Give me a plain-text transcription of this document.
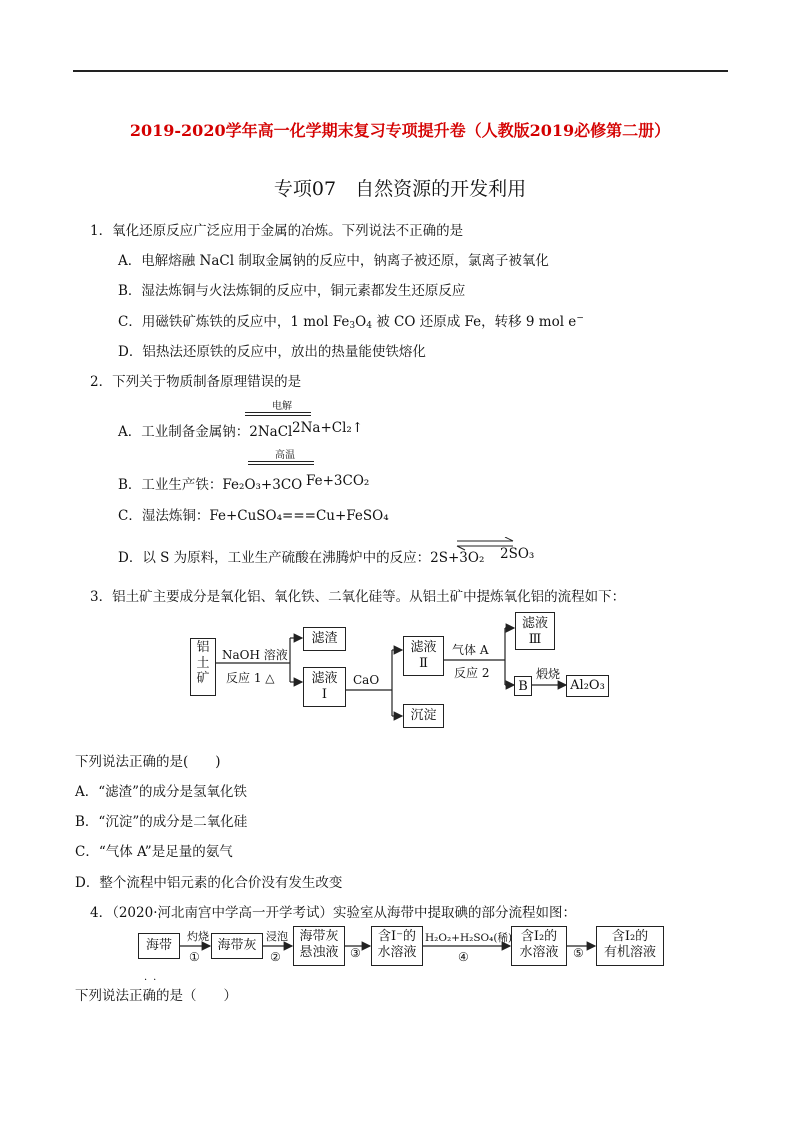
2019-2020学年高一化学期末复习专项提升卷（人教版2019必修第二册）
专项07　自然资源的开发利用
1．氧化还原反应广泛应用于金属的冶炼。下列说法不正确的是
A．电解熔融 NaCl 制取金属钠的反应中，钠离子被还原，氯离子被氧化
B．湿法炼铜与火法炼铜的反应中，铜元素都发生还原反应
C．用磁铁矿炼铁的反应中，1 mol $Fe_3O_4$ 被 CO 还原成 Fe，转移 9 mol e−
D．铝热法还原铁的反应中，放出的热量能使铁熔化
2．下列关于物质制备原理错误的是
电解
A．工业制备金属钠：2NaCl 2Na+Cl₂↑
高温
B．工业生产铁：Fe₂O₃+3CO Fe+3CO₂
C．湿法炼铜：Fe+CuSO₄===Cu+FeSO₄
D．以 S 为原料，工业生产硫酸在沸腾炉中的反应：2S+3O₂ 2SO₃
3．铝土矿主要成分是氧化铝、氧化铁、二氧化硅等。从铝土矿中提炼氧化铝的流程如下：
铝
土
矿
NaOH 溶液
反应 1 △
滤渣
滤液
Ⅰ
CaO
滤液
Ⅱ
沉淀
气体 A
反应 2
滤液
Ⅲ
B
煅烧
Al₂O₃
下列说法正确的是(　　)
A．“滤渣”的成分是氢氧化铁
B．“沉淀”的成分是二氧化硅
C．“气体 A”是足量的氨气
D．整个流程中铝元素的化合价没有发生改变
4．（2020·河北南宫中学高一开学考试）实验室从海带中提取碘的部分流程如图：
海带
灼烧
①
海带灰
浸泡
②
海带灰
悬浊液 ③
含I⁻的
水溶液
H₂O₂+H₂SO₄(稀)
④
含I₂的
水溶液	⑤
含I₂的
有机溶液
··
下列说法正确的是（　　）
